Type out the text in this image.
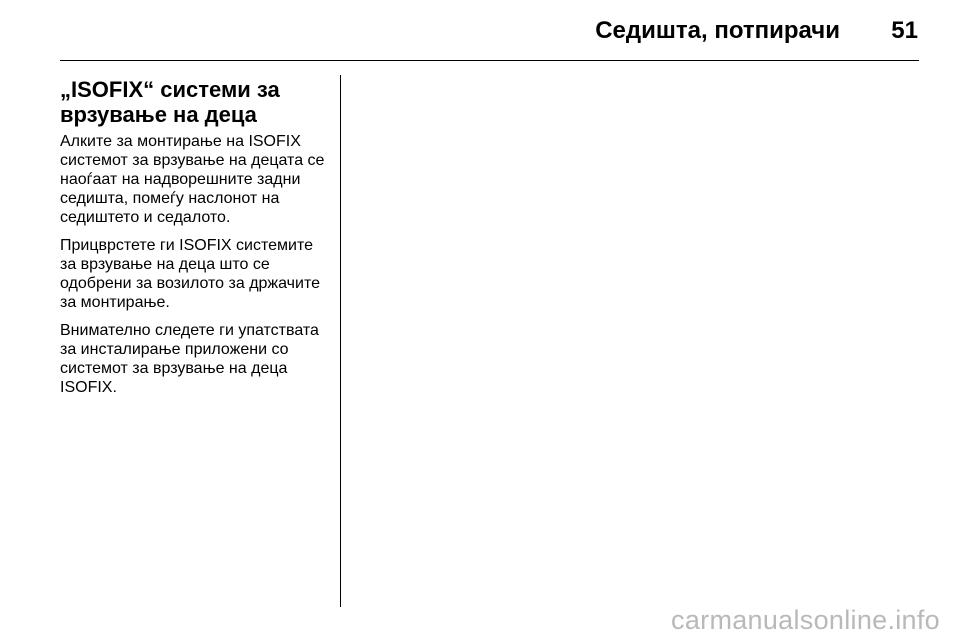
Седишта, потпирачи 51
„ISOFIX“ системи за
врзување на деца

Алките за монтирање на ISOFIX
системот за врзување на децата се
наоѓаат на надворешните задни
седишта, помеѓу наслонот на
седиштето и седалото.

Прицврстете ги ISOFIX системите
за врзување на деца што се
одобрени за возилото за држачите
за монтирање.

Внимателно следете ги упатствата
за инсталирање приложени со
системот за врзување на деца
ISOFIX.

carmanualsonline.info
